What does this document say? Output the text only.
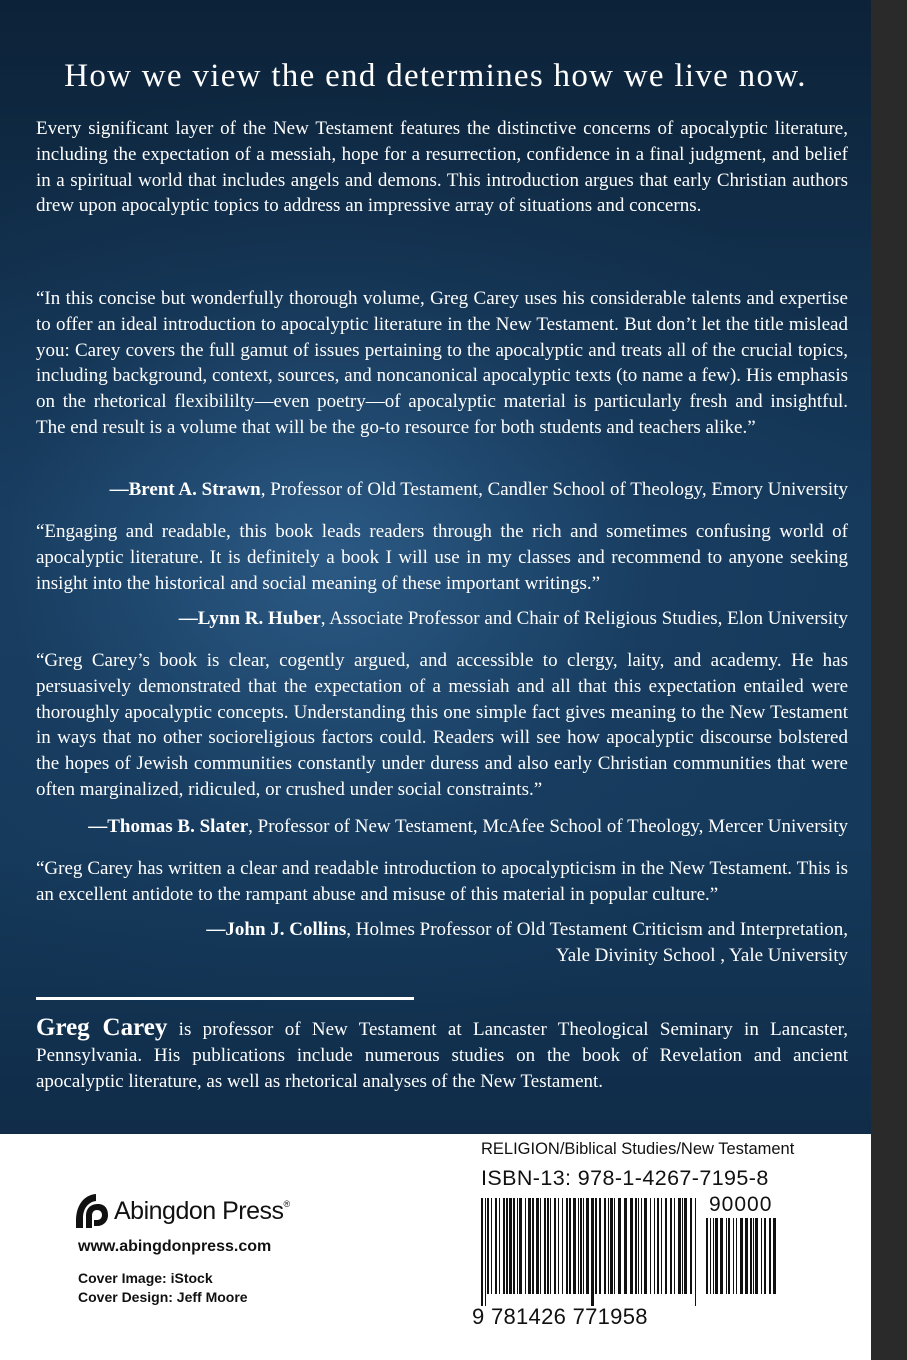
How we view the end determines how we live now.

Every significant layer of the New Testament features the distinctive concerns of apocalyptic literature, including the expectation of a messiah, hope for a resurrection, confidence in a final judgment, and belief in a spiritual world that includes angels and demons. This introduction argues that early Christian authors drew upon apocalyptic topics to address an impressive array of situations and concerns.

“In this concise but wonderfully thorough volume, Greg Carey uses his considerable talents and expertise to offer an ideal introduction to apocalyptic literature in the New Testament. But don’t let the title mislead you: Carey covers the full gamut of issues pertaining to the apocalyptic and treats all of the crucial topics, including background, context, sources, and noncanonical apocalyptic texts (to name a few). His emphasis on the rhetorical flexibililty—even poetry—of apocalyptic material is particularly fresh and insightful. The end result is a volume that will be the go-to resource for both students and teachers alike.”

—Brent A. Strawn, Professor of Old Testament, Candler School of Theology, Emory University

“Engaging and readable, this book leads readers through the rich and sometimes confusing world of apocalyptic literature. It is definitely a book I will use in my classes and recommend to anyone seeking insight into the historical and social meaning of these important writings.”

—Lynn R. Huber, Associate Professor and Chair of Religious Studies, Elon University

“Greg Carey’s book is clear, cogently argued, and accessible to clergy, laity, and academy. He has persuasively demonstrated that the expectation of a messiah and all that this expectation entailed were thoroughly apocalyptic concepts. Understanding this one simple fact gives meaning to the New Testament in ways that no other socioreligious factors could. Readers will see how apocalyptic discourse bolstered the hopes of Jewish communities constantly under duress and also early Christian communities that were often marginalized, ridiculed, or crushed under social constraints.”

—Thomas B. Slater, Professor of New Testament, McAfee School of Theology, Mercer University

“Greg Carey has written a clear and readable introduction to apocalypticism in the New Testament. This is an excellent antidote to the rampant abuse and misuse of this material in popular culture.”

—John J. Collins, Holmes Professor of Old Testament Criticism and Interpretation,
Yale Divinity School , Yale University

Greg Carey is professor of New Testament at Lancaster Theological Seminary in Lancaster, Pennsylvania. His publications include numerous studies on the book of Revelation and ancient apocalyptic literature, as well as rhetorical analyses of the New Testament.

Abingdon Press ®
www.abingdonpress.com
Cover Image: iStock
Cover Design: Jeff Moore
RELIGION/Biblical Studies/New Testament
ISBN-13: 978-1-4267-7195-8
90000
9 781426 771958
